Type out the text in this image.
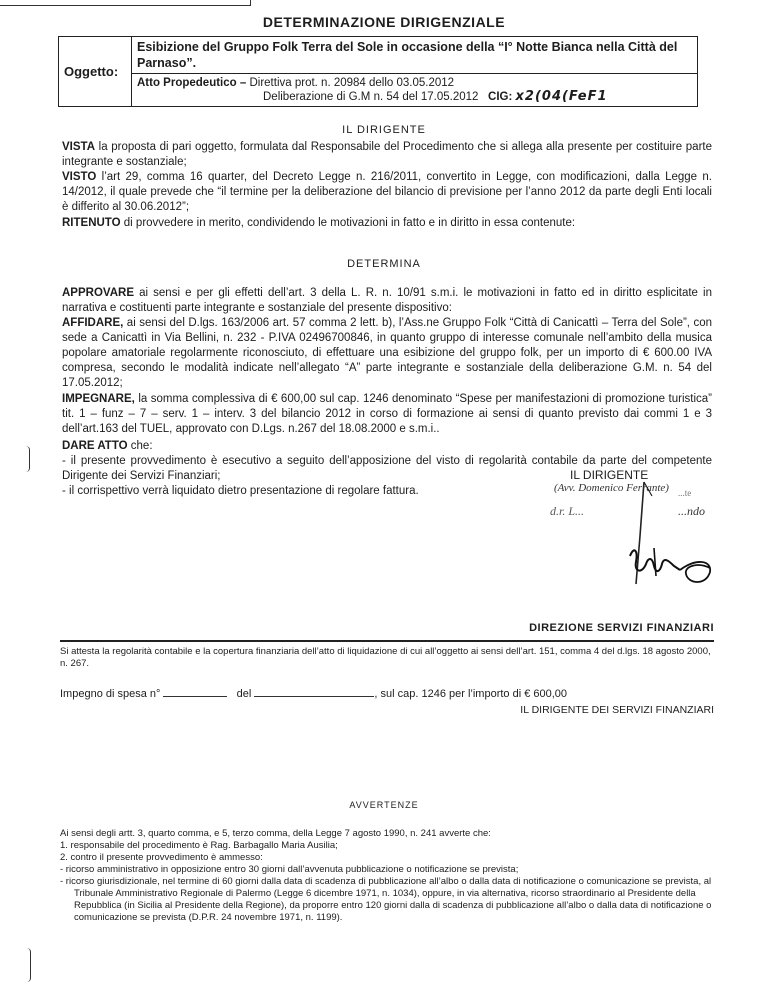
DETERMINAZIONE DIRIGENZIALE
Oggetto:	Esibizione del Gruppo Folk Terra del Sole in occasione della “I° Notte Bianca nella Città del Parnaso”.

Atto Propedeutico – Direttiva prot. n. 20984 dello 03.05.2012
Deliberazione di G.M n. 54 del 17.05.2012 CIG: x2(04(FeF1
IL DIRIGENTE
VISTA la proposta di pari oggetto, formulata dal Responsabile del Procedimento che si allega alla presente per costituire parte integrante e sostanziale;
VISTO l’art 29, comma 16 quarter, del Decreto Legge n. 216/2011, convertito in Legge, con modificazioni, dalla Legge n. 14/2012, il quale prevede che “il termine per la deliberazione del bilancio di previsione per l’anno 2012 da parte degli Enti locali è differito al 30.06.2012”;
RITENUTO di provvedere in merito, condividendo le motivazioni in fatto e in diritto in essa contenute:
DETERMINA
APPROVARE ai sensi e per gli effetti dell’art. 3 della L. R. n. 10/91 s.m.i. le motivazioni in fatto ed in diritto esplicitate in narrativa e costituenti parte integrante e sostanziale del presente dispositivo:
AFFIDARE, ai sensi del D.lgs. 163/2006 art. 57 comma 2 lett. b), l’Ass.ne Gruppo Folk “Città di Canicattì – Terra del Sole”, con sede a Canicattì in Via Bellini, n. 232 - P.IVA 02496700846, in quanto gruppo di interesse comunale nell’ambito della musica popolare amatoriale regolarmente riconosciuto, di effettuare una esibizione del gruppo folk, per un importo di € 600.00 IVA compresa, secondo le modalità indicate nell’allegato “A” parte integrante e sostanziale della deliberazione G.M. n. 54 del 17.05.2012;
IMPEGNARE, la somma complessiva di € 600,00 sul cap. 1246 denominato “Spese per manifestazioni di promozione turistica” tit. 1 – funz – 7 – serv. 1 – interv. 3 del bilancio 2012 in corso di formazione ai sensi di quanto previsto dai commi 1 e 3 dell’art.163 del TUEL, approvato con D.Lgs. n.267 del 18.08.2000 e s.m.i..
DARE ATTO che:
- il presente provvedimento è esecutivo a seguito dell’apposizione del visto di regolarità contabile da parte del competente Dirigente dei Servizi Finanziari;
- il corrispettivo verrà liquidato dietro presentazione di regolare fattura.
IL DIRIGENTE
(Avv. Domenico Ferrante) ...te
d.r. L...	...ndo
DIREZIONE SERVIZI FINANZIARI
Si attesta la regolarità contabile e la copertura finanziaria dell’atto di liquidazione di cui all’oggetto ai sensi dell’art. 151, comma 4 del d.lgs. 18 agosto 2000, n. 267.
Impegno di spesa n°	del	, sul cap. 1246 per l’importo di € 600,00
IL DIRIGENTE DEI SERVIZI FINANZIARI
AVVERTENZE
Ai sensi degli artt. 3, quarto comma, e 5, terzo comma, della Legge 7 agosto 1990, n. 241 avverte che:
1. responsabile del procedimento è Rag. Barbagallo Maria Ausilia;
2. contro il presente provvedimento è ammesso:
- ricorso amministrativo in opposizione entro 30 giorni dall’avvenuta pubblicazione o notificazione se prevista;
- ricorso giurisdizionale, nel termine di 60 giorni dalla data di scadenza di pubblicazione all’albo o dalla data di notificazione o comunicazione se prevista, al Tribunale Amministrativo Regionale di Palermo (Legge 6 dicembre 1971, n. 1034), oppure, in via alternativa, ricorso straordinario al Presidente della Repubblica (in Sicilia al Presidente della Regione), da proporre entro 120 giorni dalla di scadenza di pubblicazione all’albo o dalla data di notificazione o comunicazione se prevista (D.P.R. 24 novembre 1971, n. 1199).
